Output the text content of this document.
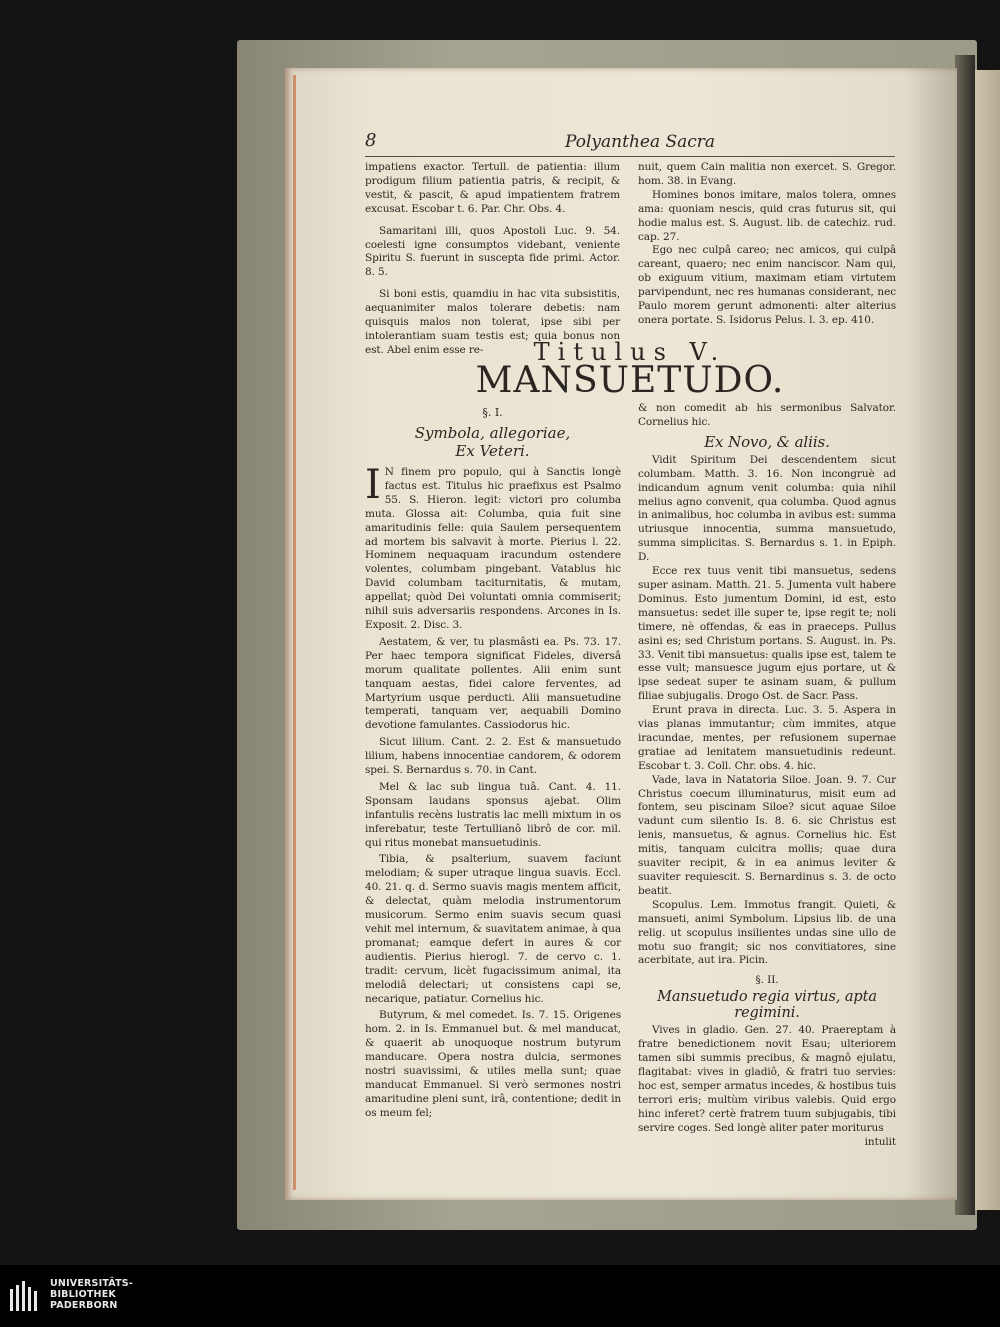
8	Polyanthea Sacra

impatiens exactor. Tertull. de patientia: illum prodigum filium patientia patris, & recipit, & vestit, & pascit, & apud impatientem fratrem excusat. Escobar t. 6. Par. Chr. Obs. 4.

Samaritani illi, quos Apostoli Luc. 9. 54. coelesti igne consumptos videbant, veniente Spiritu S. fuerunt in suscepta fide primi. Actor. 8. 5.

Si boni estis, quamdiu in hac vita subsistitis, aequanimiter malos tolerare debetis: nam quisquis malos non tolerat, ipse sibi per intolerantiam suam testis est; quia bonus non est. Abel enim esse re-

nuit, quem Cain malitia non exercet. S. Gregor. hom. 38. in Evang.

Homines bonos imitare, malos tolera, omnes ama: quoniam nescis, quid cras futurus sit, qui hodie malus est. S. August. lib. de catechiz. rud. cap. 27.

Ego nec culpâ careo; nec amicos, qui culpâ careant, quaero; nec enim nanciscor. Nam qui, ob exiguum vitium, maximam etiam virtutem parvipendunt, nec res humanas considerant, nec Paulo morem gerunt admonenti: alter alterius onera portate. S. Isidorus Pelus. l. 3. ep. 410.

Titulus V.
MANSUETUDO.
§. I.
Symbola, allegoriae,
Ex Veteri.

I N finem pro populo, qui à Sanctis longè factus est. Titulus hic praefixus est Psalmo 55. S. Hieron. legit: victori pro columba muta. Glossa ait: Columba, quia fuit sine amaritudinis felle: quia Saulem persequentem ad mortem bis salvavit à morte. Pierius l. 22. Hominem nequaquam iracundum ostendere volentes, columbam pingebant. Vatablus hic David columbam taciturnitatis, & mutam, appellat; quòd Dei voluntati omnia commiserit; nihil suis adversariis respondens. Arcones in Is. Exposit. 2. Disc. 3.

Aestatem, & ver, tu plasmâsti ea. Ps. 73. 17. Per haec tempora significat Fideles, diversâ morum qualitate pollentes. Alii enim sunt tanquam aestas, fidei calore ferventes, ad Martyrium usque perducti. Alii mansuetudine temperati, tanquam ver, aequabili Domino devotione famulantes. Cassiodorus hic.

Sicut lilium. Cant. 2. 2. Est & mansuetudo lilium, habens innocentiae candorem, & odorem spei. S. Bernardus s. 70. in Cant.

Mel & lac sub lingua tuâ. Cant. 4. 11. Sponsam laudans sponsus ajebat. Olim infantulis recèns lustratis lac melli mixtum in os inferebatur, teste Tertullianô librô de cor. mil. qui ritus monebat mansuetudinis.

Tibia, & psalterium, suavem faciunt melodiam; & super utraque lingua suavis. Eccl. 40. 21. q. d. Sermo suavis magis mentem afficit, & delectat, quàm melodia instrumentorum musicorum. Sermo enim suavis secum quasi vehit mel internum, & suavitatem animae, à qua promanat; eamque defert in aures & cor audientis. Pierius hierogl. 7. de cervo c. 1. tradit: cervum, licèt fugacissimum animal, ita melodiâ delectari; ut consistens capi se, necarique, patiatur. Cornelius hic.

Butyrum, & mel comedet. Is. 7. 15. Origenes hom. 2. in Is. Emmanuel but. & mel manducat, & quaerit ab unoquoque nostrum butyrum manducare. Opera nostra dulcia, sermones nostri suavissimi, & utiles mella sunt; quae manducat Emmanuel. Si verò sermones nostri amaritudine pleni sunt, irâ, contentione; dedit in os meum fel;

& non comedit ab his sermonibus Salvator. Cornelius hic.

Ex Novo, & aliis.

Vidit Spiritum Dei descendentem sicut columbam. Matth. 3. 16. Non incongruè ad indicandum agnum venit columba: quia nihil melius agno convenit, qua columba. Quod agnus in animalibus, hoc columba in avibus est: summa utriusque innocentia, summa mansuetudo, summa simplicitas. S. Bernardus s. 1. in Epiph. D.

Ecce rex tuus venit tibi mansuetus, sedens super asinam. Matth. 21. 5. Jumenta vult habere Dominus. Esto jumentum Domini, id est, esto mansuetus: sedet ille super te, ipse regit te; noli timere, nè offendas, & eas in praeceps. Pullus asini es; sed Christum portans. S. August. in. Ps. 33. Venit tibi mansuetus: qualis ipse est, talem te esse vult; mansuesce jugum ejus portare, ut & ipse sedeat super te asinam suam, & pullum filiae subjugalis. Drogo Ost. de Sacr. Pass.

Erunt prava in directa. Luc. 3. 5. Aspera in vias planas immutantur; cùm immites, atque iracundae, mentes, per refusionem supernae gratiae ad lenitatem mansuetudinis redeunt. Escobar t. 3. Coll. Chr. obs. 4. hic.

Vade, lava in Natatoria Siloe. Joan. 9. 7. Cur Christus coecum illuminaturus, misit eum ad fontem, seu piscinam Siloe? sicut aquae Siloe vadunt cum silentio Is. 8. 6. sic Christus est lenis, mansuetus, & agnus. Cornelius hic. Est mitis, tanquam culcitra mollis; quae dura suaviter recipit, & in ea animus leviter & suaviter requiescit. S. Bernardinus s. 3. de octo beatit.

Scopulus. Lem. Immotus frangit. Quieti, & mansueti, animi Symbolum. Lipsius lib. de una relig. ut scopulus insilientes undas sine ullo de motu suo frangit; sic nos convitiatores, sine acerbitate, aut ira. Picin.

§. II.

Mansuetudo regia virtus, apta regimini.

Vives in gladio. Gen. 27. 40. Praereptam à fratre benedictionem novit Esau; ulteriorem tamen sibi summis precibus, & magnô ejulatu, flagitabat: vives in gladiô, & fratri tuo servies: hoc est, semper armatus incedes, & hostibus tuis terrori eris; multùm viribus valebis. Quid ergo hinc inferet? certè fratrem tuum subjugabis, tibi servire coges. Sed longè aliter pater moriturus

intulit

UNIVERSITÄTS-
BIBLIOTHEK
PADERBORN
